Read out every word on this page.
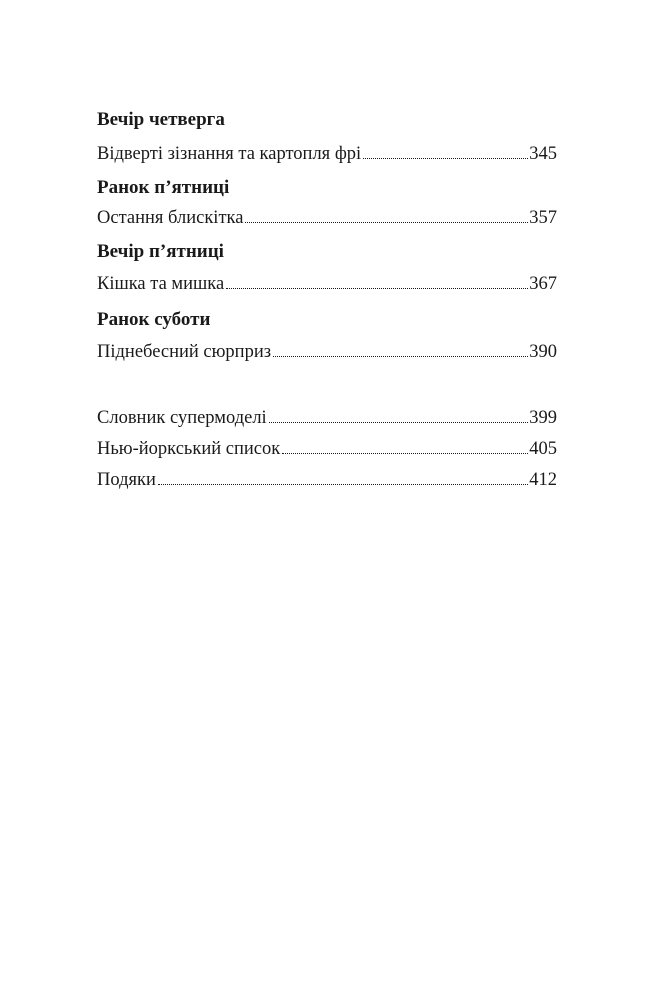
Вечір четверга
Відверті зізнання та картопля фрі	345
Ранок п’ятниці
Остання блискітка	357
Вечір п’ятниці
Кішка та мишка	367
Ранок суботи
Піднебесний сюрприз	390
Словник супермоделі	399
Нью-йоркський список	405
Подяки	412
